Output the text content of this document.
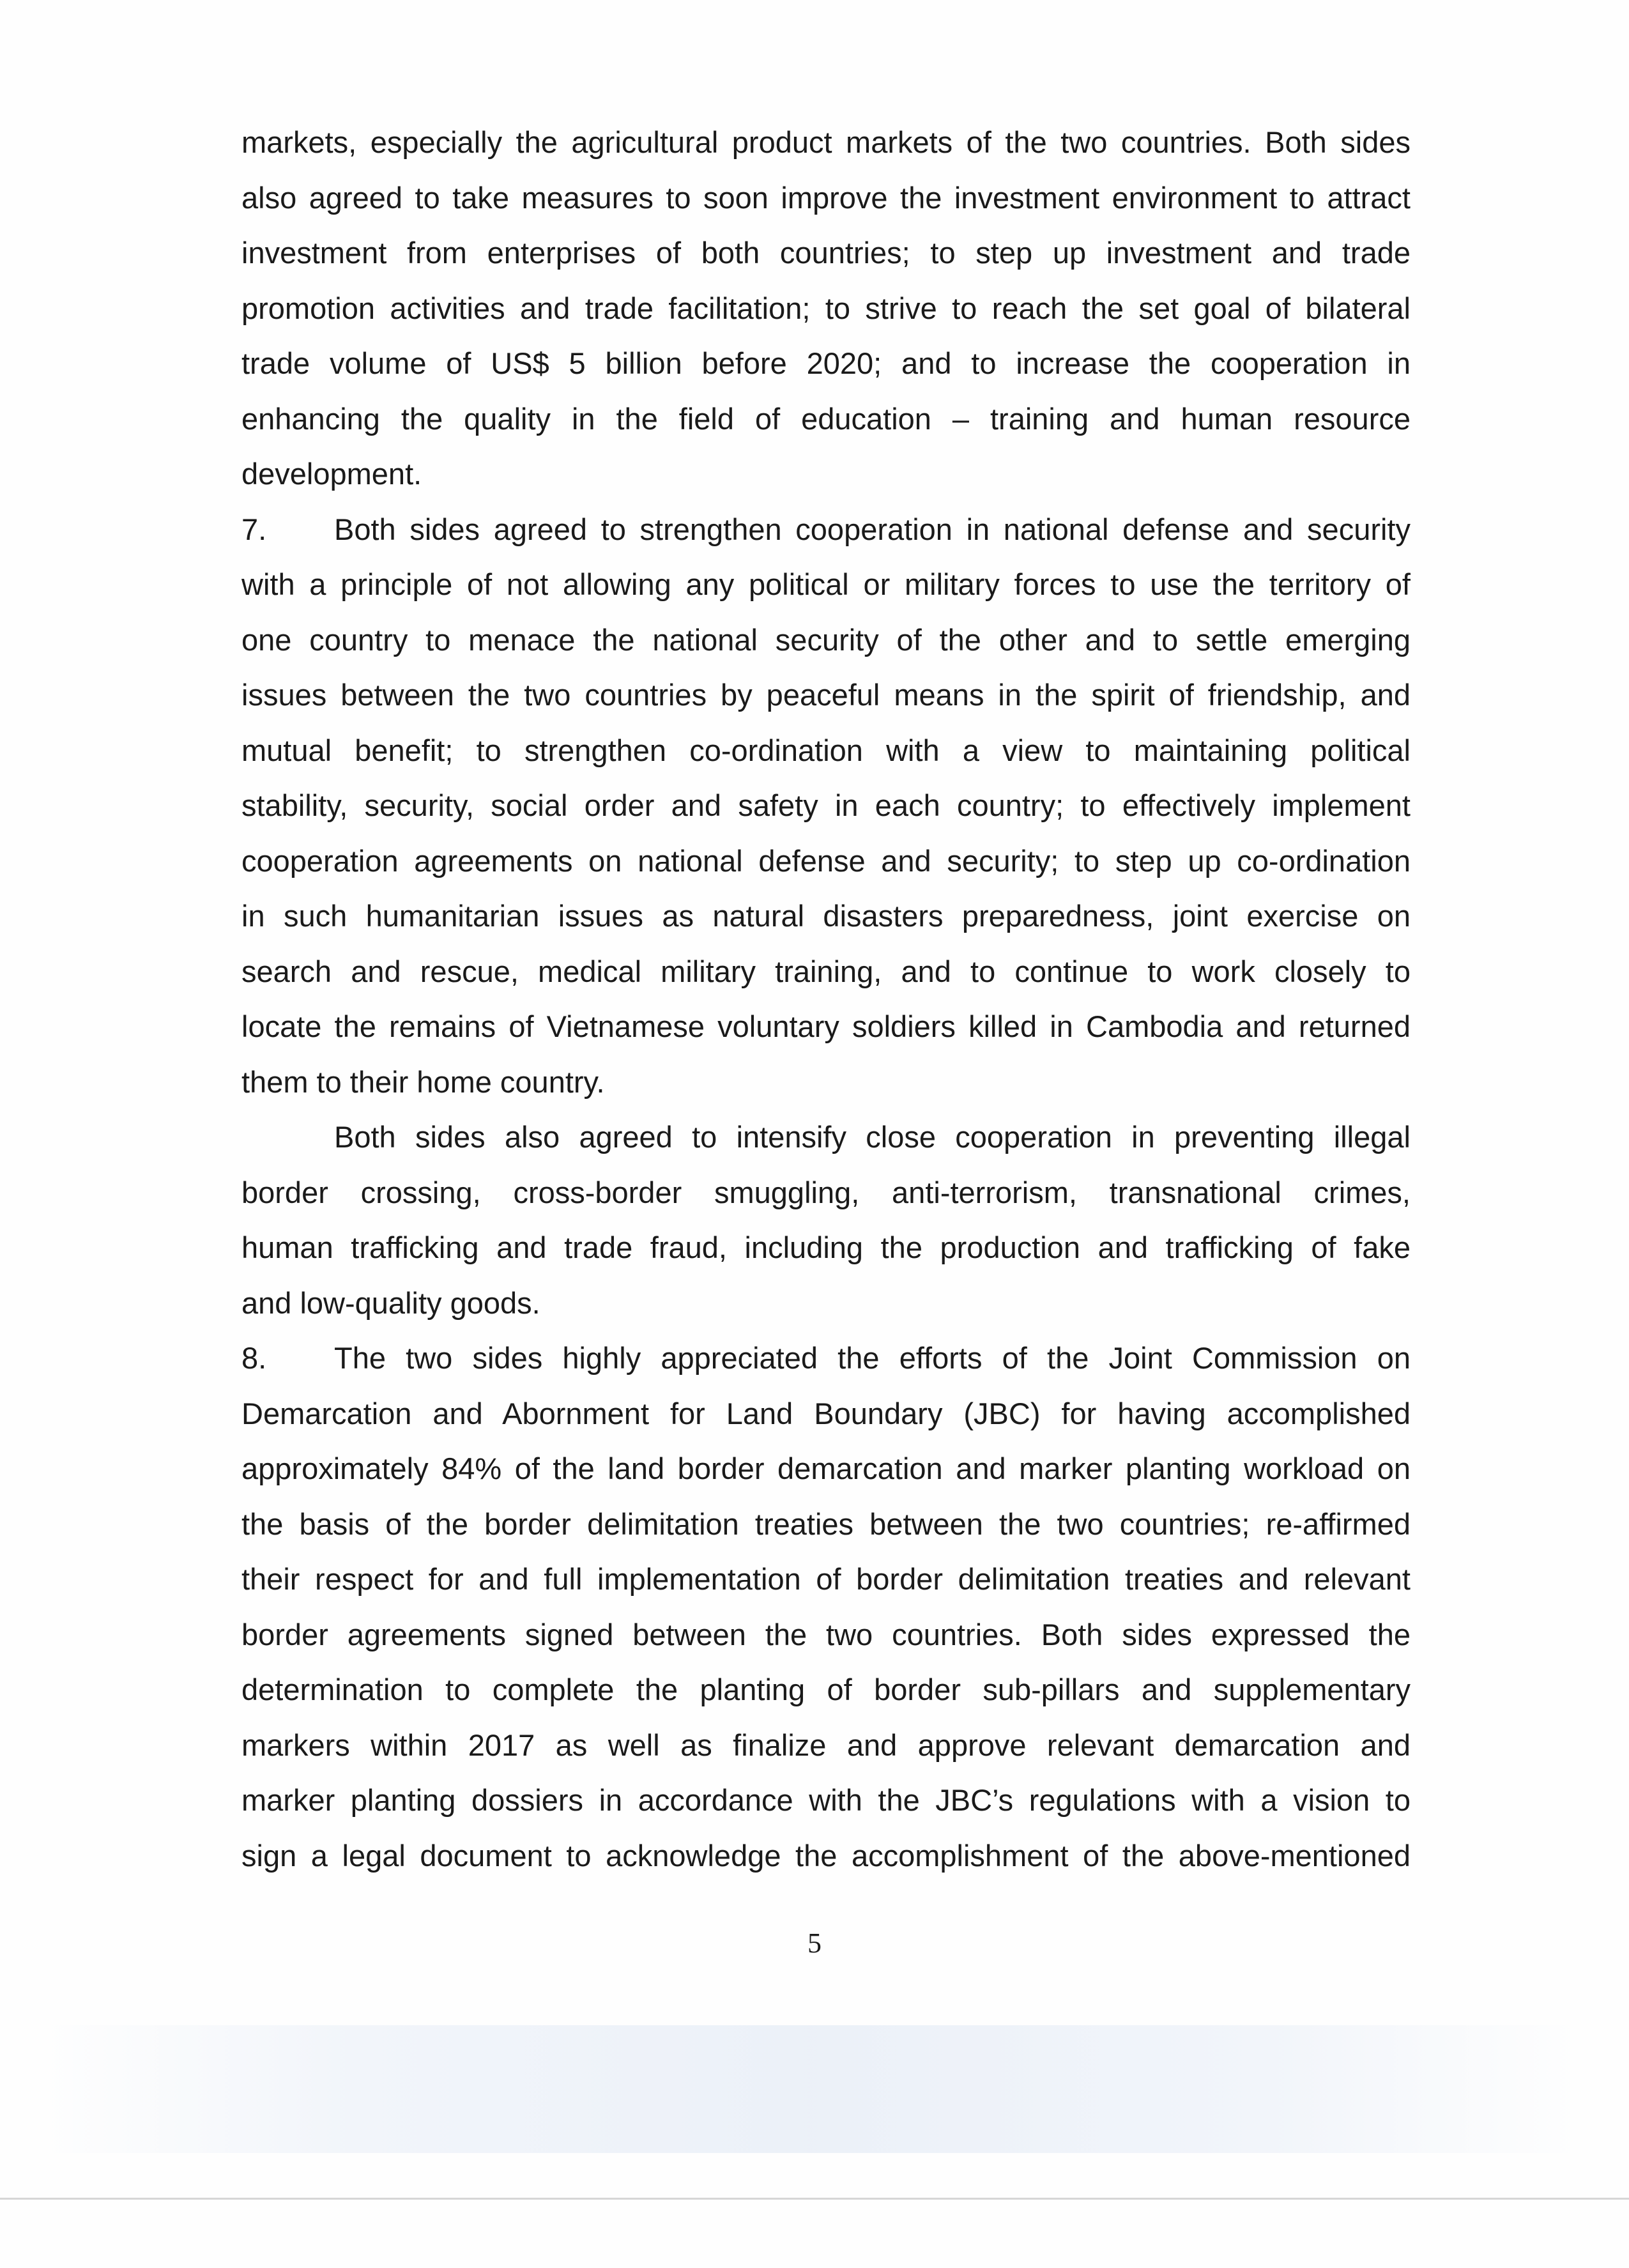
markets, especially the agricultural product markets of the two countries. Both sides

also agreed to take measures to soon improve the investment environment to attract

investment from enterprises of both countries; to step up investment and trade

promotion activities and trade facilitation; to strive to reach the set goal of bilateral

trade volume of US$ 5 billion before 2020; and to increase the cooperation in

enhancing the quality in the field of education – training and human resource

development.

7. Both sides agreed to strengthen cooperation in national defense and security

with a principle of not allowing any political or military forces to use the territory of

one country to menace the national security of the other and to settle emerging

issues between the two countries by peaceful means in the spirit of friendship, and

mutual benefit; to strengthen co-ordination with a view to maintaining political

stability, security, social order and safety in each country; to effectively implement

cooperation agreements on national defense and security; to step up co-ordination

in such humanitarian issues as natural disasters preparedness, joint exercise on

search and rescue, medical military training, and to continue to work closely to

locate the remains of Vietnamese voluntary soldiers killed in Cambodia and returned

them to their home country.

Both sides also agreed to intensify close cooperation in preventing illegal

border crossing, cross-border smuggling, anti-terrorism, transnational crimes,

human trafficking and trade fraud, including the production and trafficking of fake

and low-quality goods.

8. The two sides highly appreciated the efforts of the Joint Commission on

Demarcation and Abornment for Land Boundary (JBC) for having accomplished

approximately 84% of the land border demarcation and marker planting workload on

the basis of the border delimitation treaties between the two countries; re-affirmed

their respect for and full implementation of border delimitation treaties and relevant

border agreements signed between the two countries. Both sides expressed the

determination to complete the planting of border sub-pillars and supplementary

markers within 2017 as well as finalize and approve relevant demarcation and

marker planting dossiers in accordance with the JBC’s regulations with a vision to

sign a legal document to acknowledge the accomplishment of the above-mentioned

5
